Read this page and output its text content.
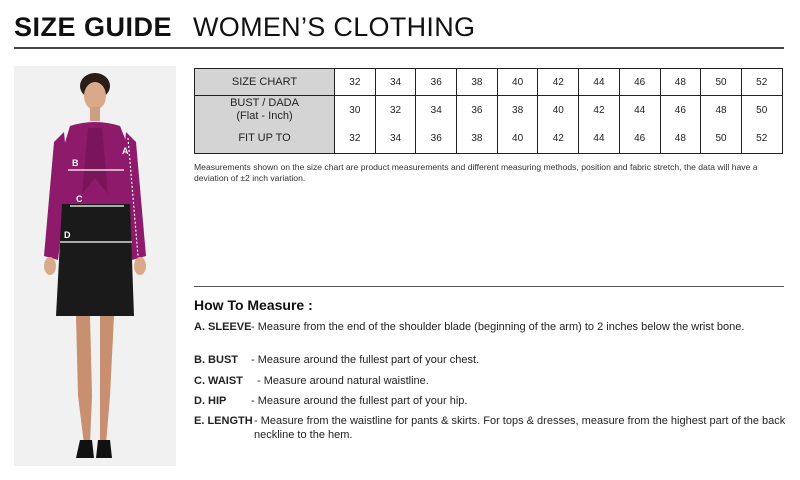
SIZE GUIDE WOMEN’S CLOTHING
A
B
C
D
SIZE CHART	32	34	36	38	40	42	44	46	48	50	52
BUST / DADA
(Flat - Inch)	30	32	34	36	38	40	42	44	46	48	50
FIT UP TO	32	34	36	38	40	42	44	46	48	50	52
Measurements shown on the size chart are product measurements and different measuring methods, position and fabric stretch, the data will have a deviation of ±2 inch variation.
How To Measure :
A. SLEEVE - Measure from the end of the shoulder blade (beginning of the arm) to 2 inches below the wrist bone.
B. BUST	- Measure around the fullest part of your chest.
C. WAIST	- Measure around natural waistline.
D. HIP	- Measure around the fullest part of your hip.
E. LENGTH - Measure from the waistline for pants & skirts. For tops & dresses, measure from the highest part of the back neckline to the hem.
